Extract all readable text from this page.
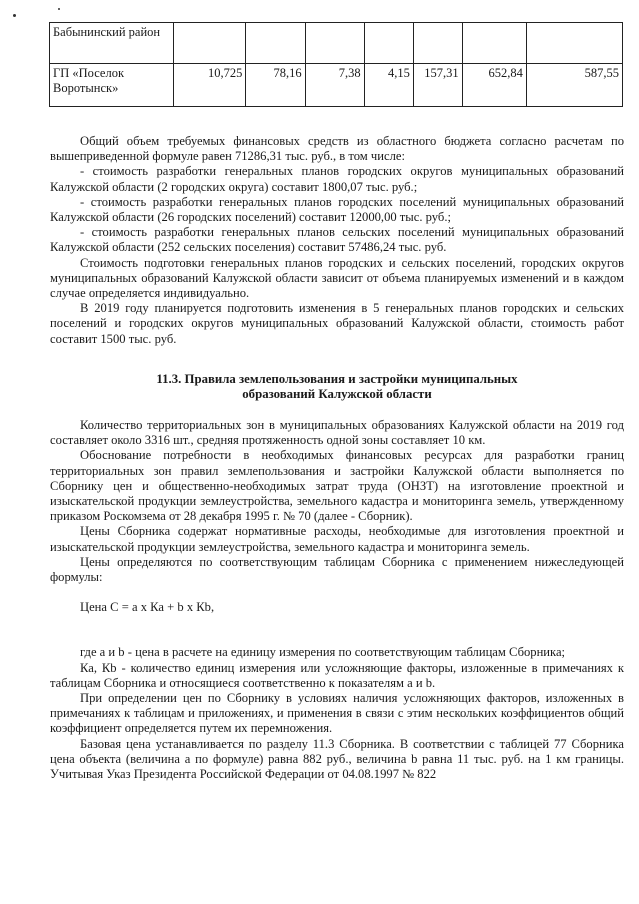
Бабынинский район							
ГП «Поселок Воротынск»	10,725	78,16	7,38	4,15	157,31	652,84	587,55

Общий объем требуемых финансовых средств из областного бюджета согласно расчетам по вышеприведенной формуле равен 71286,31 тыс. руб., в том числе:

- стоимость разработки генеральных планов городских округов муниципальных образований Калужской области (2 городских округа) составит 1800,07 тыс. руб.;

- стоимость разработки генеральных планов городских поселений муниципальных образований Калужской области (26 городских поселений) составит 12000,00 тыс. руб.;

- стоимость разработки генеральных планов сельских поселений муниципальных образований Калужской области (252 сельских поселения) составит 57486,24 тыс. руб.

Стоимость подготовки генеральных планов городских и сельских поселений, городских округов муниципальных образований Калужской области зависит от объема планируемых изменений и в каждом случае определяется индивидуально.

В 2019 году планируется подготовить изменения в 5 генеральных планов городских и сельских поселений и городских округов муниципальных образований Калужской области, стоимость работ составит 1500 тыс. руб.

11.3. Правила землепользования и застройки муниципальных
образований Калужской области

Количество территориальных зон в муниципальных образованиях Калужской области на 2019 год составляет около 3316 шт., средняя протяженность одной зоны составляет 10 км.

Обоснование потребности в необходимых финансовых ресурсах для разработки границ территориальных зон правил землепользования и застройки Калужской области выполняется по Сборнику цен и общественно-необходимых затрат труда (ОНЗТ) на изготовление проектной и изыскательской продукции землеустройства, земельного кадастра и мониторинга земель, утвержденному приказом Роскомзема от 28 декабря 1995 г. № 70 (далее - Сборник).

Цены Сборника содержат нормативные расходы, необходимые для изготовления проектной и изыскательской продукции землеустройства, земельного кадастра и мониторинга земель.

Цены определяются по соответствующим таблицам Сборника с применением нижеследующей формулы:

Цена С = а х Ка + b х Кb,

где а и b - цена в расчете на единицу измерения по соответствующим таблицам Сборника;

Ка, Кb - количество единиц измерения или усложняющие факторы, изложенные в примечаниях к таблицам Сборника и относящиеся соответственно к показателям а и b.

При определении цен по Сборнику в условиях наличия усложняющих факторов, изложенных в примечаниях к таблицам и приложениях, и применения в связи с этим нескольких коэффициентов общий коэффициент определяется путем их перемножения.

Базовая цена устанавливается по разделу 11.3 Сборника. В соответствии с таблицей 77 Сборника цена объекта (величина а по формуле) равна 882 руб., величина b равна 11 тыс. руб. на 1 км границы. Учитывая Указ Президента Российской Федерации от 04.08.1997 № 822
